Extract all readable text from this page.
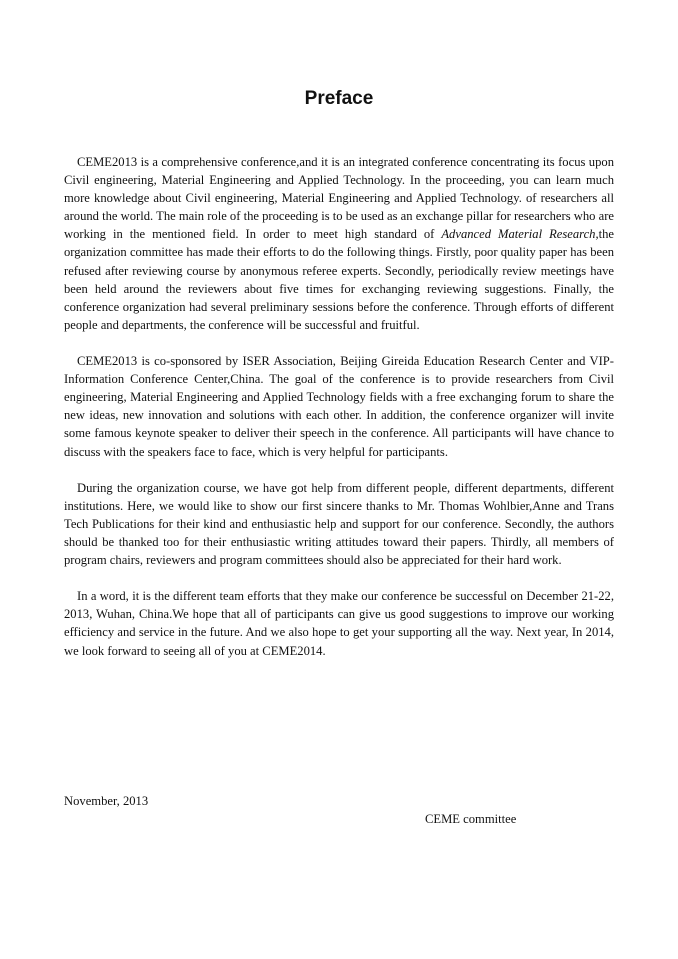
Preface

CEME2013 is a comprehensive conference,and it is an integrated conference concentrating its focus upon Civil engineering, Material Engineering and Applied Technology. In the proceeding, you can learn much more knowledge about Civil engineering, Material Engineering and Applied Technology. of researchers all around the world. The main role of the proceeding is to be used as an exchange pillar for researchers who are working in the mentioned field. In order to meet high standard of Advanced Material Research,the organization committee has made their efforts to do the following things. Firstly, poor quality paper has been refused after reviewing course by anonymous referee experts. Secondly, periodically review meetings have been held around the reviewers about five times for exchanging reviewing suggestions. Finally, the conference organization had several preliminary sessions before the conference. Through efforts of different people and departments, the conference will be successful and fruitful.

CEME2013 is co-sponsored by ISER Association, Beijing Gireida Education Research Center and VIP-Information Conference Center,China. The goal of the conference is to provide researchers from Civil engineering, Material Engineering and Applied Technology fields with a free exchanging forum to share the new ideas, new innovation and solutions with each other. In addition, the conference organizer will invite some famous keynote speaker to deliver their speech in the conference. All participants will have chance to discuss with the speakers face to face, which is very helpful for participants.

During the organization course, we have got help from different people, different departments, different institutions. Here, we would like to show our first sincere thanks to Mr. Thomas Wohlbier,Anne and Trans Tech Publications for their kind and enthusiastic help and support for our conference. Secondly, the authors should be thanked too for their enthusiastic writing attitudes toward their papers. Thirdly, all members of program chairs, reviewers and program committees should also be appreciated for their hard work.

In a word, it is the different team efforts that they make our conference be successful on December 21-22, 2013, Wuhan, China.We hope that all of participants can give us good suggestions to improve our working efficiency and service in the future. And we also hope to get your supporting all the way. Next year, In 2014, we look forward to seeing all of you at CEME2014.

November, 2013
CEME committee
